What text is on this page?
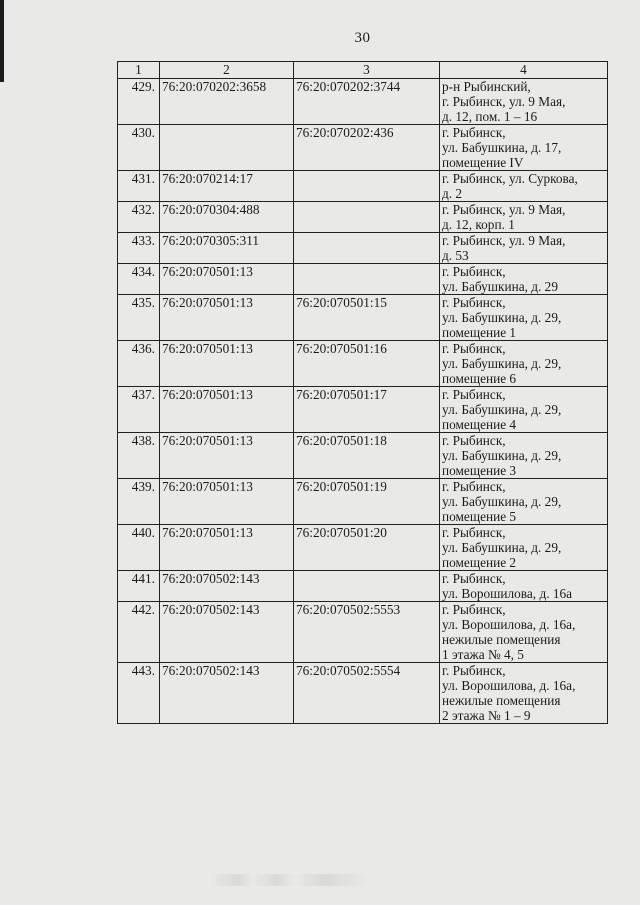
30
1	2	3	4
429.	76:20:070202:3658	76:20:070202:3744	р-н Рыбинский,
г. Рыбинск, ул. 9 Мая,
д. 12, пом. 1 – 16
430.		76:20:070202:436	г. Рыбинск,
ул. Бабушкина, д. 17,
помещение IV
431.	76:20:070214:17		г. Рыбинск, ул. Суркова,
д. 2
432.	76:20:070304:488		г. Рыбинск, ул. 9 Мая,
д. 12, корп. 1
433.	76:20:070305:311		г. Рыбинск, ул. 9 Мая,
д. 53
434.	76:20:070501:13		г. Рыбинск,
ул. Бабушкина, д. 29
435.	76:20:070501:13	76:20:070501:15	г. Рыбинск,
ул. Бабушкина, д. 29,
помещение 1
436.	76:20:070501:13	76:20:070501:16	г. Рыбинск,
ул. Бабушкина, д. 29,
помещение 6
437.	76:20:070501:13	76:20:070501:17	г. Рыбинск,
ул. Бабушкина, д. 29,
помещение 4
438.	76:20:070501:13	76:20:070501:18	г. Рыбинск,
ул. Бабушкина, д. 29,
помещение 3
439.	76:20:070501:13	76:20:070501:19	г. Рыбинск,
ул. Бабушкина, д. 29,
помещение 5
440.	76:20:070501:13	76:20:070501:20	г. Рыбинск,
ул. Бабушкина, д. 29,
помещение 2
441.	76:20:070502:143		г. Рыбинск,
ул. Ворошилова, д. 16а
442.	76:20:070502:143	76:20:070502:5553	г. Рыбинск,
ул. Ворошилова, д. 16а,
нежилые помещения
1 этажа № 4, 5
443.	76:20:070502:143	76:20:070502:5554	г. Рыбинск,
ул. Ворошилова, д. 16а,
нежилые помещения
2 этажа № 1 – 9
